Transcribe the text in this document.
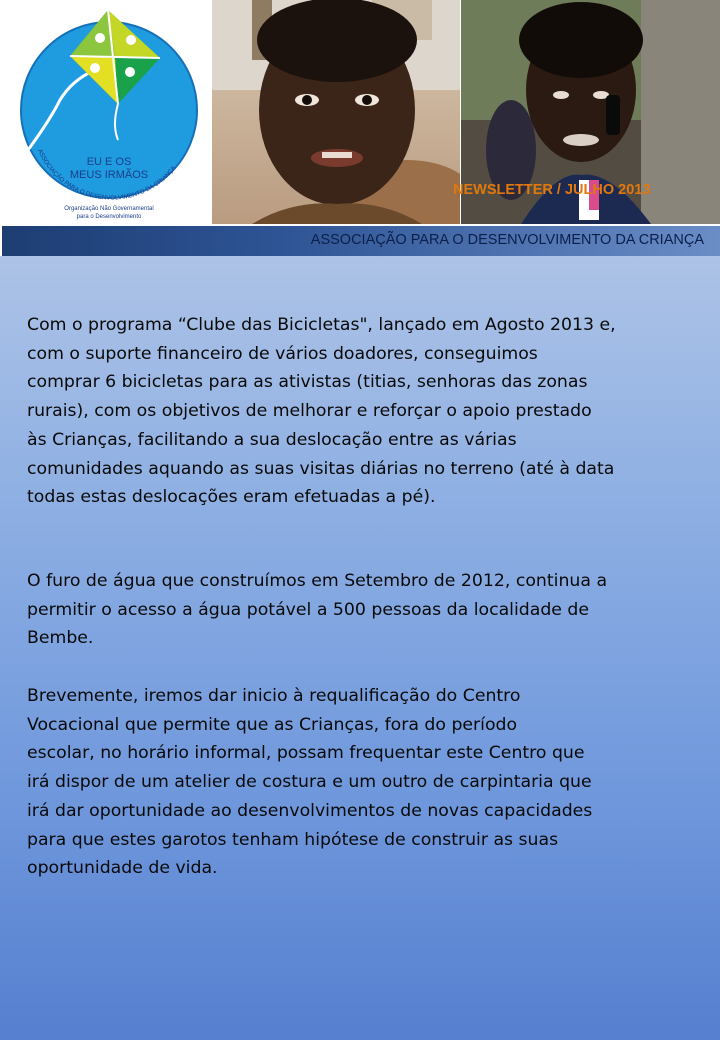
EU E OS
MEUS IRMÃOS
ASSOCIAÇÃO PARA O DESENVOLVIMENTO DA CRIANÇA
Organização Não Governamental
para o Desenvolvimento
NEWSLETTER / JULHO 2013
ASSOCIAÇÃO PARA O DESENVOLVIMENTO DA CRIANÇA

Com o programa “Clube das Bicicletas", lançado em Agosto 2013 e,
com o suporte financeiro de vários doadores, conseguimos
comprar 6 bicicletas para as ativistas (titias, senhoras das zonas
rurais), com os objetivos de melhorar e reforçar o apoio prestado
às Crianças, facilitando a sua deslocação entre as várias
comunidades aquando as suas visitas diárias no terreno (até à data
todas estas deslocações eram efetuadas a pé).

O furo de água que construímos em Setembro de 2012, continua a
permitir o acesso a água potável a 500 pessoas da localidade de
Bembe.

Brevemente, iremos dar inicio à requalificação do Centro
Vocacional que permite que as Crianças, fora do período
escolar, no horário informal, possam frequentar este Centro que
irá dispor de um atelier de costura e um outro de carpintaria que
irá dar oportunidade ao desenvolvimentos de novas capacidades
para que estes garotos tenham hipótese de construir as suas
oportunidade de vida.
